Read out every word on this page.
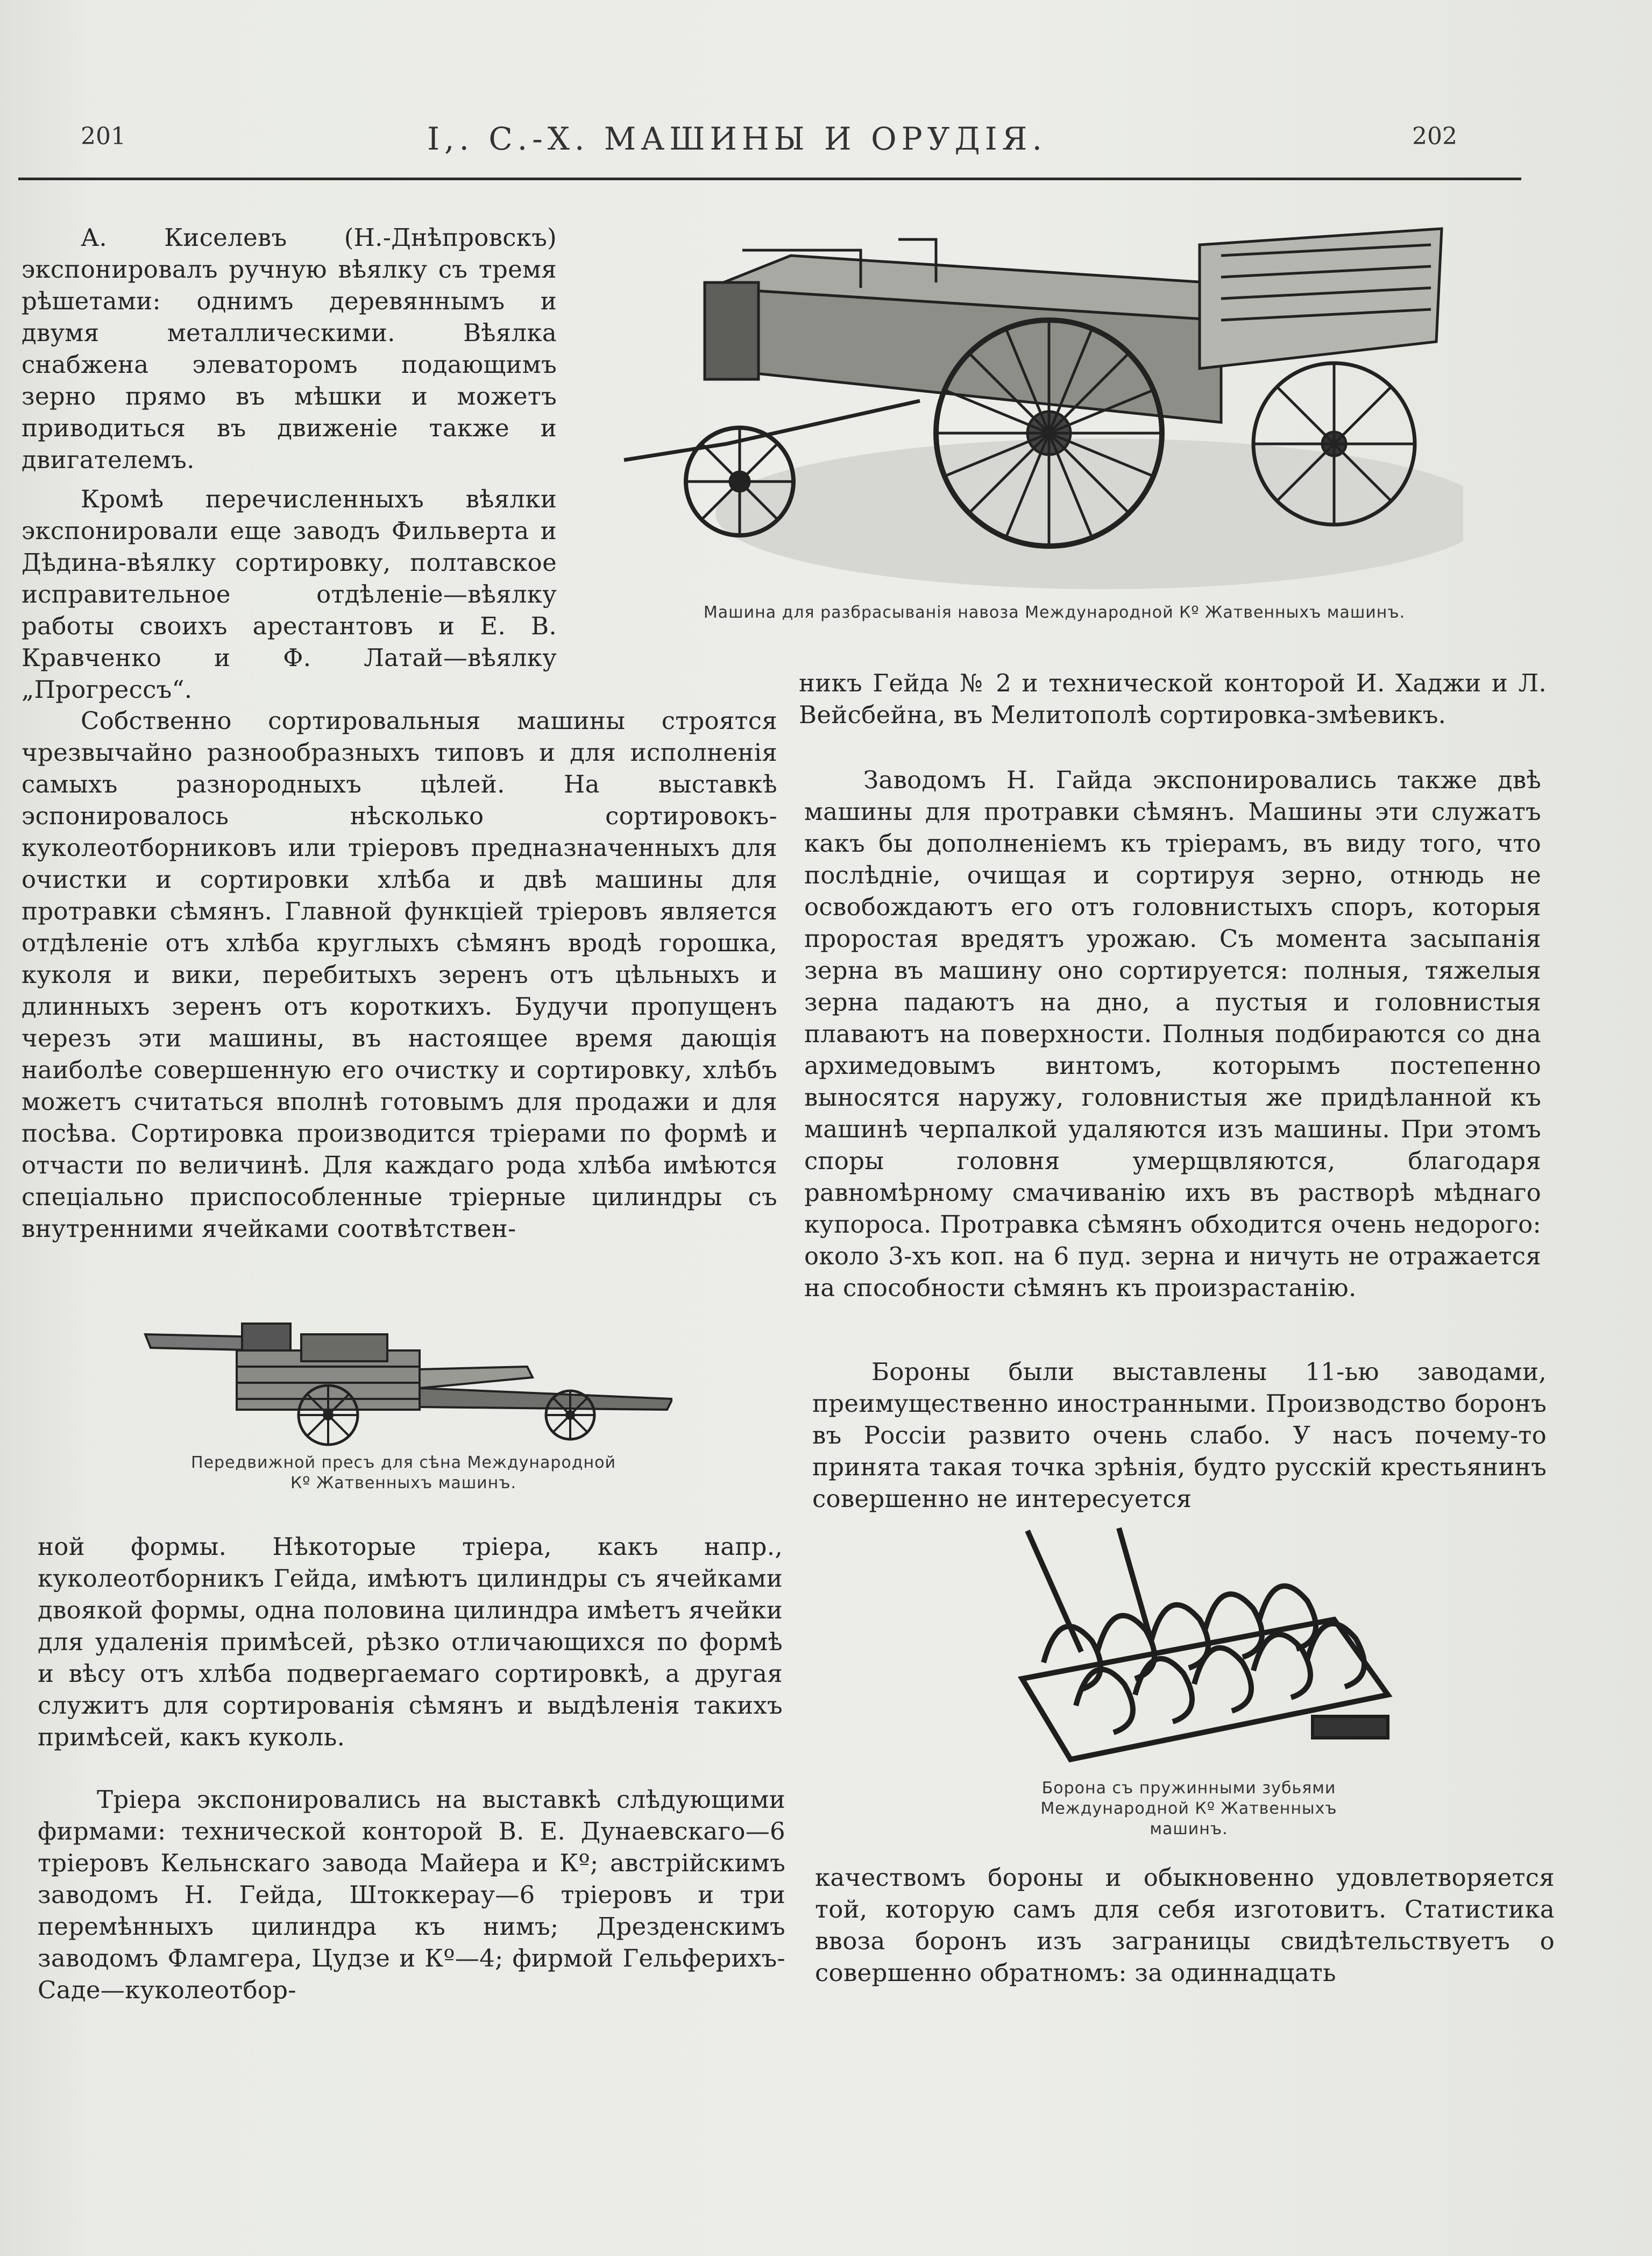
201	I,. С.-X. МАШИНЫ И ОРУДІЯ.	202

А. Киселевъ (Н.-Днѣпровскъ) экспонировалъ ручную вѣялку съ тремя рѣшетами: однимъ деревяннымъ и двумя металлическими. Вѣялка снабжена элеваторомъ подающимъ зерно прямо въ мѣшки и можетъ приводиться въ движеніе также и двигателемъ.

Кромѣ перечисленныхъ вѣялки экспонировали еще заводъ Фильверта и Дѣдина-вѣялку сортировку, полтавское исправительное отдѣленіе—вѣялку работы своихъ арестантовъ и Е. В. Кравченко и Ф. Латай—вѣялку „Прогрессъ“.

Собственно сортировальныя машины строятся чрезвычайно разнообразныхъ типовъ и для исполненія самыхъ разнородныхъ цѣлей. На выставкѣ эспонировалось нѣсколько сортировокъ-куколеотборниковъ или тріеровъ предназначенныхъ для очистки и сортировки хлѣба и двѣ машины для протравки сѣмянъ. Главной функціей тріеровъ является отдѣленіе отъ хлѣба круглыхъ сѣмянъ вродѣ горошка, куколя и вики, перебитыхъ зеренъ отъ цѣльныхъ и длинныхъ зеренъ отъ короткихъ. Будучи пропущенъ черезъ эти машины, въ настоящее время дающія наиболѣе совершенную его очистку и сортировку, хлѣбъ можетъ считаться вполнѣ готовымъ для продажи и для посѣва. Сортировка производится тріерами по формѣ и отчасти по величинѣ. Для каждаго рода хлѣба имѣются спеціально приспособленные тріерные цилиндры съ внутренними ячейками соотвѣтствен-

Передвижной пресъ для сѣна Международной Кº Жатвенныхъ машинъ.

ной формы. Нѣкоторые тріера, какъ напр., куколеотборникъ Гейда, имѣютъ цилиндры съ ячейками двоякой формы, одна половина цилиндра имѣетъ ячейки для удаленія примѣсей, рѣзко отличающихся по формѣ и вѣсу отъ хлѣба подвергаемаго сортировкѣ, а другая служитъ для сортированія сѣмянъ и выдѣленія такихъ примѣсей, какъ куколь.

Тріера экспонировались на выставкѣ слѣдующими фирмами: технической конторой В. Е. Дунаевскаго—6 тріеровъ Кельнскаго завода Майера и Кº; австрійскимъ заводомъ Н. Гейда, Штоккерау—6 тріеровъ и три перемѣнныхъ цилиндра къ нимъ; Дрезденскимъ заводомъ Фламгера, Цудзе и Кº—4; фирмой Гельферихъ-Саде—куколеотбор-

Машина для разбрасыванія навоза Международной Кº Жатвенныхъ машинъ.

никъ Гейда № 2 и технической конторой И. Хаджи и Л. Вейсбейна, въ Мелитополѣ сортировка-змѣевикъ.

Заводомъ Н. Гайда экспонировались также двѣ машины для протравки сѣмянъ. Машины эти служатъ какъ бы дополненіемъ къ тріерамъ, въ виду того, что послѣдніе, очищая и сортируя зерно, отнюдь не освобождаютъ его отъ головнистыхъ споръ, которыя проростая вредятъ урожаю. Съ момента засыпанія зерна въ машину оно сортируется: полныя, тяжелыя зерна падаютъ на дно, а пустыя и головнистыя плаваютъ на поверхности. Полныя подбираются со дна архимедовымъ винтомъ, которымъ постепенно выносятся наружу, головнистыя же придѣланной къ машинѣ черпалкой удаляются изъ машины. При этомъ споры головня умерщвляются, благодаря равномѣрному смачиванію ихъ въ растворѣ мѣднаго купороса. Протравка сѣмянъ обходится очень недорого: около 3-хъ коп. на 6 пуд. зерна и ничуть не отражается на способности сѣмянъ къ произрастанію.

Бороны были выставлены 11-ью заводами, преимущественно иностранными. Производство боронъ въ Россіи развито очень слабо. У насъ почему-то принята такая точка зрѣнія, будто русскій крестьянинъ совершенно не интересуется

Борона съ пружинными зубьями Международной Кº Жатвенныхъ машинъ.

качествомъ бороны и обыкновенно удовлетворяется той, которую самъ для себя изготовитъ. Статистика ввоза боронъ изъ заграницы свидѣтельствуетъ о совершенно обратномъ: за одиннадцать
